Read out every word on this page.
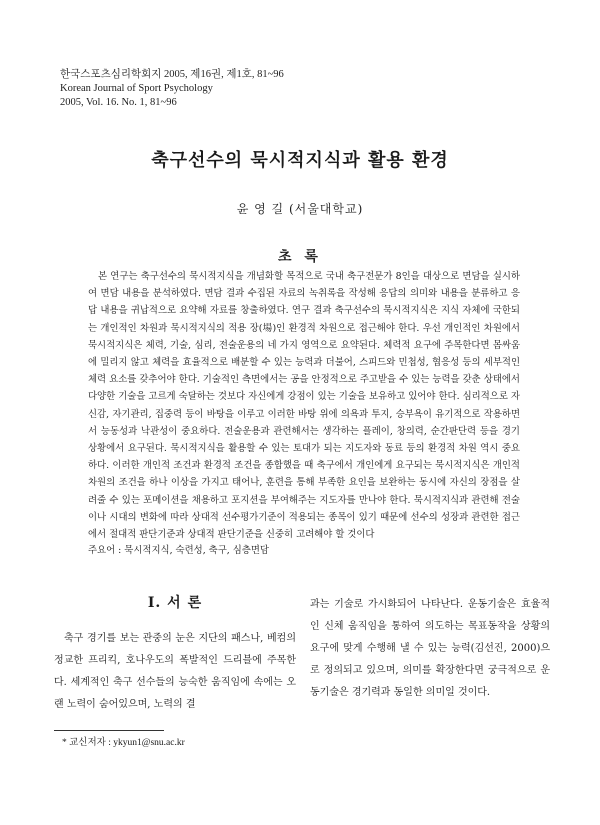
한국스포츠심리학회지 2005, 제16권, 제1호, 81~96
Korean Journal of Sport Psychology
2005, Vol. 16. No. 1, 81~96
축구선수의 묵시적지식과 활용 환경
윤 영 길 (서울대학교)
초 록

본 연구는 축구선수의 묵시적지식을 개념화할 목적으로 국내 축구전문가 8인을 대상으로 면담을 실시하여 면담 내용을 분석하였다. 면담 결과 수집된 자료의 녹취록을 작성해 응답의 의미와 내용을 분류하고 응답 내용을 귀납적으로 요약해 자료를 창출하였다. 연구 결과 축구선수의 묵시적지식은 지식 자체에 국한되는 개인적인 차원과 묵시적지식의 적용 장(場)인 환경적 차원으로 접근해야 한다. 우선 개인적인 차원에서 묵시적지식은 체력, 기술, 심리, 전술운용의 네 가지 영역으로 요약된다. 체력적 요구에 주목한다면 몸싸움에 밀리지 않고 체력을 효율적으로 배분할 수 있는 능력과 더불어, 스피드와 민첩성, 협응성 등의 세부적인 체력 요소를 갖추어야 한다. 기술적인 측면에서는 공을 안정적으로 주고받을 수 있는 능력을 갖춘 상태에서 다양한 기술을 고르게 숙달하는 것보다 자신에게 강점이 있는 기술을 보유하고 있어야 한다. 심리적으로 자신감, 자기관리, 집중력 등이 바탕을 이루고 이러한 바탕 위에 의욕과 투지, 승부욕이 유기적으로 작용하면서 능동성과 낙관성이 중요하다. 전술운용과 관련해서는 생각하는 플레이, 창의력, 순간판단력 등을 경기 상황에서 요구된다. 묵시적지식을 활용할 수 있는 토대가 되는 지도자와 동료 등의 환경적 차원 역시 중요하다. 이러한 개인적 조건과 환경적 조건을 종합했을 때 축구에서 개인에게 요구되는 묵시적지식은 개인적 차원의 조건을 하나 이상을 가지고 태어나, 훈련을 통해 부족한 요인을 보완하는 동시에 자신의 장점을 살려줄 수 있는 포메이션을 채용하고 포지션을 부여해주는 지도자를 만나야 한다. 묵시적지식과 관련해 전술이나 시대의 변화에 따라 상대적 선수평가기준이 적용되는 종목이 있기 때문에 선수의 성장과 관련한 접근에서 절대적 판단기준과 상대적 판단기준을 신중히 고려해야 할 것이다

주요어 : 묵시적지식, 숙련성, 축구, 심층면담
Ⅰ. 서 론

축구 경기를 보는 관중의 눈은 지단의 패스나, 베컴의 정교한 프리킥, 호나우도의 폭발적인 드리블에 주목한다. 세계적인 축구 선수들의 능숙한 움직임에 속에는 오랜 노력이 숨어있으며, 노력의 결

과는 기술로 가시화되어 나타난다. 운동기술은 효율적인 신체 움직임을 통하여 의도하는 목표동작을 상황의 요구에 맞게 수행해 낼 수 있는 능력(김선진, 2000)으로 정의되고 있으며, 의미를 확장한다면 궁극적으로 운동기술은 경기력과 동일한 의미일 것이다.

* 교신저자 : ykyun1@snu.ac.kr
